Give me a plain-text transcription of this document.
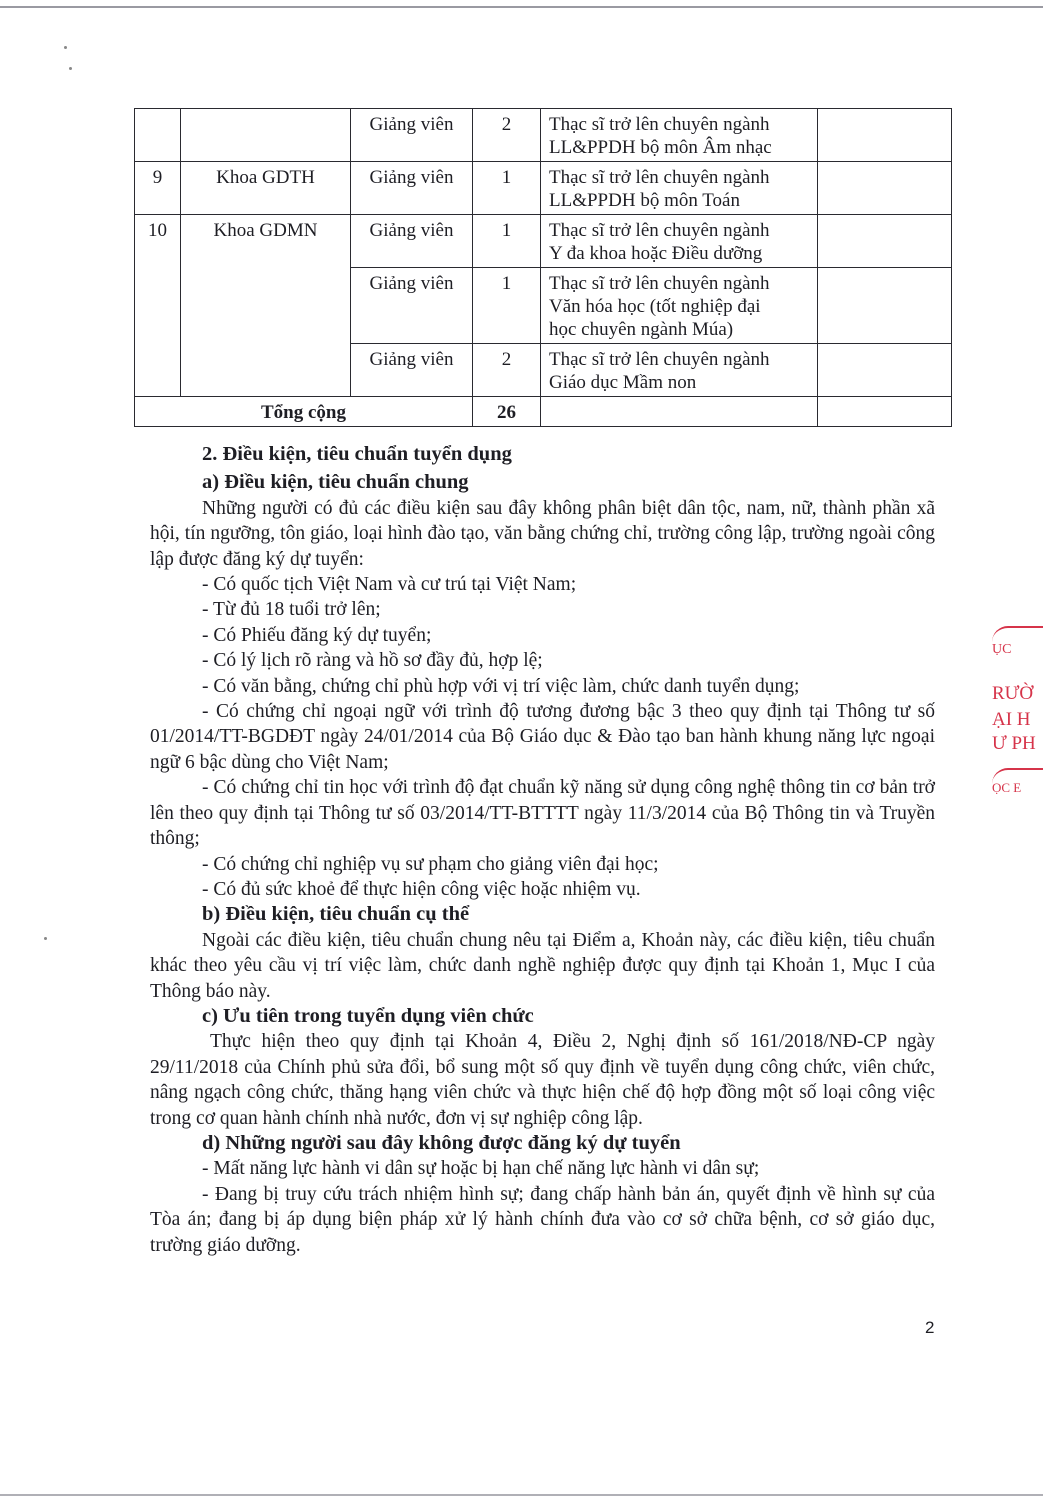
		Giảng viên	2	Thạc sĩ trở lên chuyên ngành
LL&PPDH bộ môn Âm nhạc	

9	Khoa GDTH	Giảng viên	1	Thạc sĩ trở lên chuyên ngành
LL&PPDH bộ môn Toán	

10	Khoa GDMN	Giảng viên	1	Thạc sĩ trở lên chuyên ngành
Y đa khoa hoặc Điều dưỡng	

		Giảng viên	1	Thạc sĩ trở lên chuyên ngành
Văn hóa học (tốt nghiệp đại
học chuyên ngành Múa)	

		Giảng viên	2	Thạc sĩ trở lên chuyên ngành
Giáo dục Mầm non	

Tổng cộng			26		
2. Điều kiện, tiêu chuẩn tuyển dụng
a) Điều kiện, tiêu chuẩn chung

Những người có đủ các điều kiện sau đây không phân biệt dân tộc, nam, nữ, thành phần xã hội, tín ngưỡng, tôn giáo, loại hình đào tạo, văn bằng chứng chỉ, trường công lập, trường ngoài công lập được đăng ký dự tuyển:

- Có quốc tịch Việt Nam và cư trú tại Việt Nam;

- Từ đủ 18 tuổi trở lên;

- Có Phiếu đăng ký dự tuyển;

- Có lý lịch rõ ràng và hồ sơ đầy đủ, hợp lệ;

- Có văn bằng, chứng chỉ phù hợp với vị trí việc làm, chức danh tuyển dụng;

- Có chứng chỉ ngoại ngữ với trình độ tương đương bậc 3 theo quy định tại Thông tư số 01/2014/TT-BGDĐT ngày 24/01/2014 của Bộ Giáo dục & Đào tạo ban hành khung năng lực ngoại ngữ 6 bậc dùng cho Việt Nam;

- Có chứng chỉ tin học với trình độ đạt chuẩn kỹ năng sử dụng công nghệ thông tin cơ bản trở lên theo quy định tại Thông tư số 03/2014/TT-BTTTT ngày 11/3/2014 của Bộ Thông tin và Truyền thông;

- Có chứng chỉ nghiệp vụ sư phạm cho giảng viên đại học;

- Có đủ sức khoẻ để thực hiện công việc hoặc nhiệm vụ.

b) Điều kiện, tiêu chuẩn cụ thể

Ngoài các điều kiện, tiêu chuẩn chung nêu tại Điểm a, Khoản này, các điều kiện, tiêu chuẩn khác theo yêu cầu vị trí việc làm, chức danh nghề nghiệp được quy định tại Khoản 1, Mục I của Thông báo này.

c) Ưu tiên trong tuyển dụng viên chức

Thực hiện theo quy định tại Khoản 4, Điều 2, Nghị định số 161/2018/NĐ-CP ngày 29/11/2018 của Chính phủ sửa đổi, bổ sung một số quy định về tuyển dụng công chức, viên chức, nâng ngạch công chức, thăng hạng viên chức và thực hiện chế độ hợp đồng một số loại công việc trong cơ quan hành chính nhà nước, đơn vị sự nghiệp công lập.

d) Những người sau đây không được đăng ký dự tuyển

- Mất năng lực hành vi dân sự hoặc bị hạn chế năng lực hành vi dân sự;

- Đang bị truy cứu trách nhiệm hình sự; đang chấp hành bản án, quyết định về hình sự của Tòa án; đang bị áp dụng biện pháp xử lý hành chính đưa vào cơ sở chữa bệnh, cơ sở giáo dục, trường giáo dưỡng.

2
ỤC
RƯỜ
ẠI H
Ư PH
ỌC E
